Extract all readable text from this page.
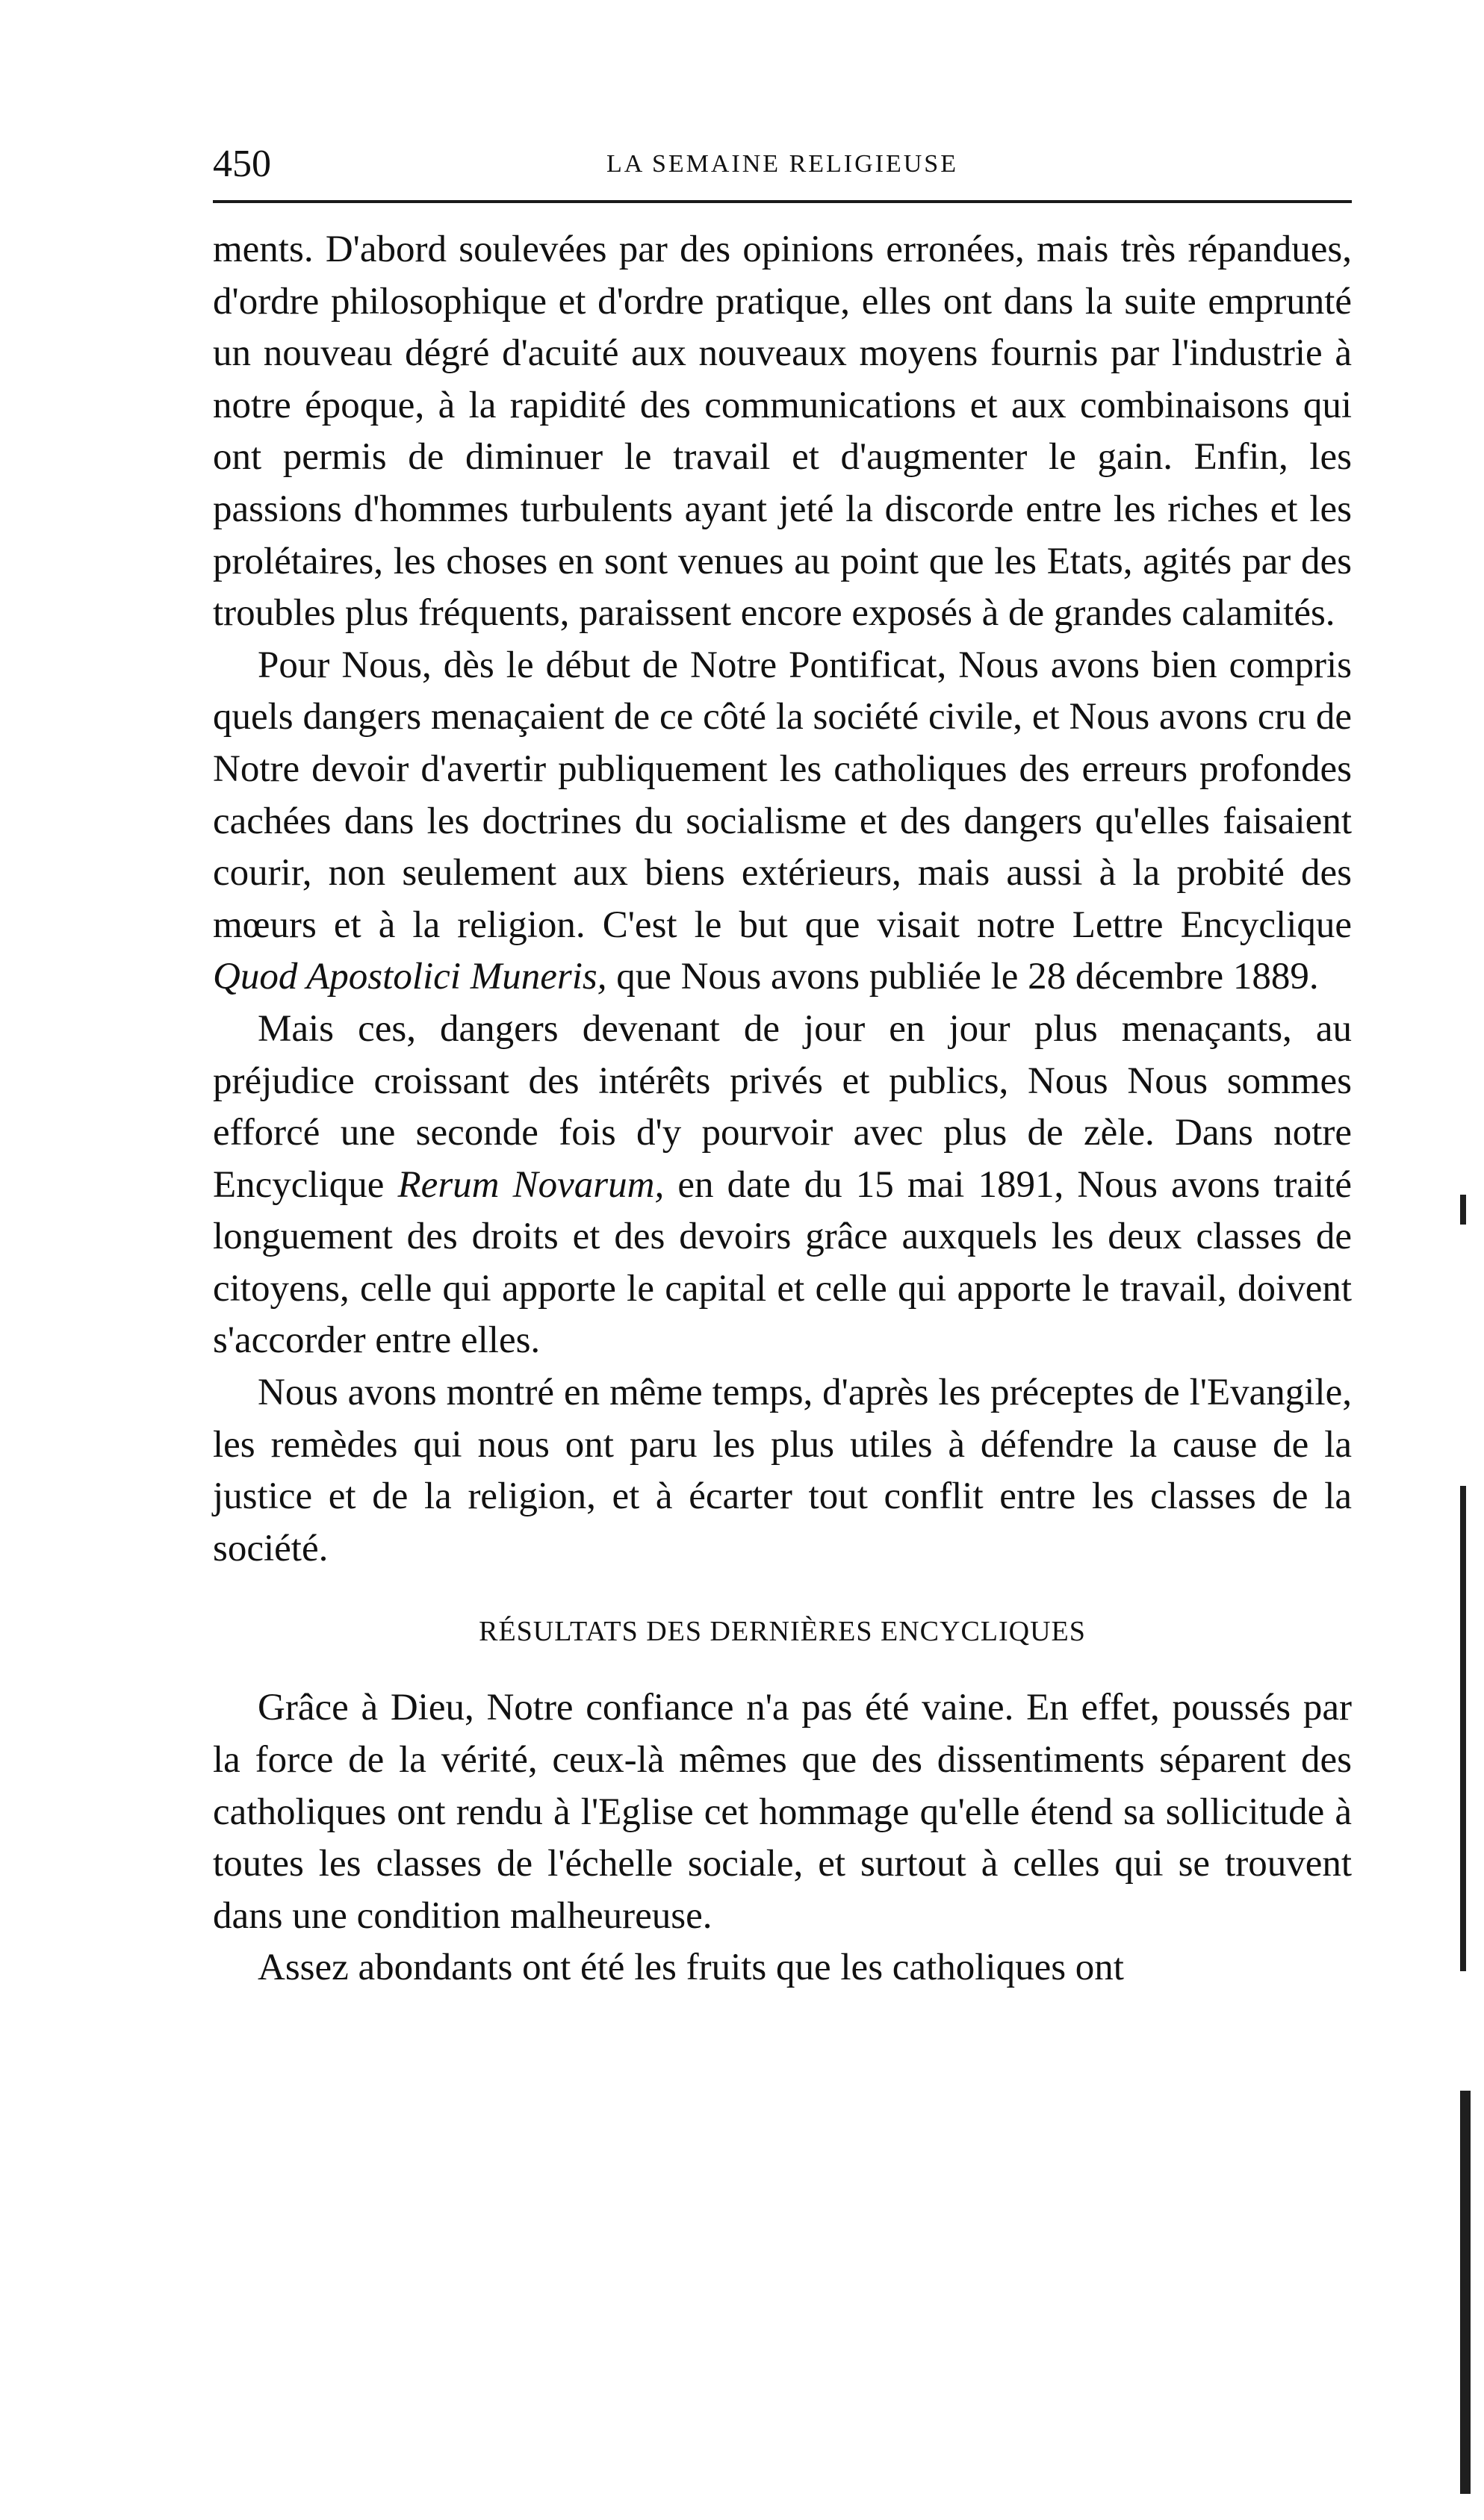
450	LA SEMAINE RELIGIEUSE

ments. D'abord soulevées par des opinions erronées, mais très répandues, d'ordre philosophique et d'ordre pratique, elles ont dans la suite emprunté un nouveau dégré d'acuité aux nouveaux moyens fournis par l'industrie à notre époque, à la rapidité des communications et aux combinaisons qui ont permis de diminuer le travail et d'augmenter le gain. Enfin, les passions d'hommes turbulents ayant jeté la discorde entre les riches et les prolétaires, les choses en sont venues au point que les Etats, agités par des troubles plus fréquents, paraissent encore exposés à de grandes calamités.

Pour Nous, dès le début de Notre Pontificat, Nous avons bien compris quels dangers menaçaient de ce côté la société civile, et Nous avons cru de Notre devoir d'avertir publiquement les catholiques des erreurs profondes cachées dans les doctrines du socialisme et des dangers qu'elles faisaient courir, non seulement aux biens extérieurs, mais aussi à la probité des mœurs et à la religion. C'est le but que visait notre Lettre Encyclique Quod Apostolici Muneris, que Nous avons publiée le 28 décembre 1889.

Mais ces, dangers devenant de jour en jour plus menaçants, au préjudice croissant des intérêts privés et publics, Nous Nous sommes efforcé une seconde fois d'y pourvoir avec plus de zèle. Dans notre Encyclique Rerum Novarum, en date du 15 mai 1891, Nous avons traité longuement des droits et des devoirs grâce auxquels les deux classes de citoyens, celle qui apporte le capital et celle qui apporte le travail, doivent s'accorder entre elles.

Nous avons montré en même temps, d'après les préceptes de l'Evangile, les remèdes qui nous ont paru les plus utiles à défendre la cause de la justice et de la religion, et à écarter tout conflit entre les classes de la société.

RÉSULTATS DES DERNIÈRES ENCYCLIQUES

Grâce à Dieu, Notre confiance n'a pas été vaine. En effet, poussés par la force de la vérité, ceux-là mêmes que des dissentiments séparent des catholiques ont rendu à l'Eglise cet hommage qu'elle étend sa sollicitude à toutes les classes de l'échelle sociale, et surtout à celles qui se trouvent dans une condition malheureuse.

Assez abondants ont été les fruits que les catholiques ont
